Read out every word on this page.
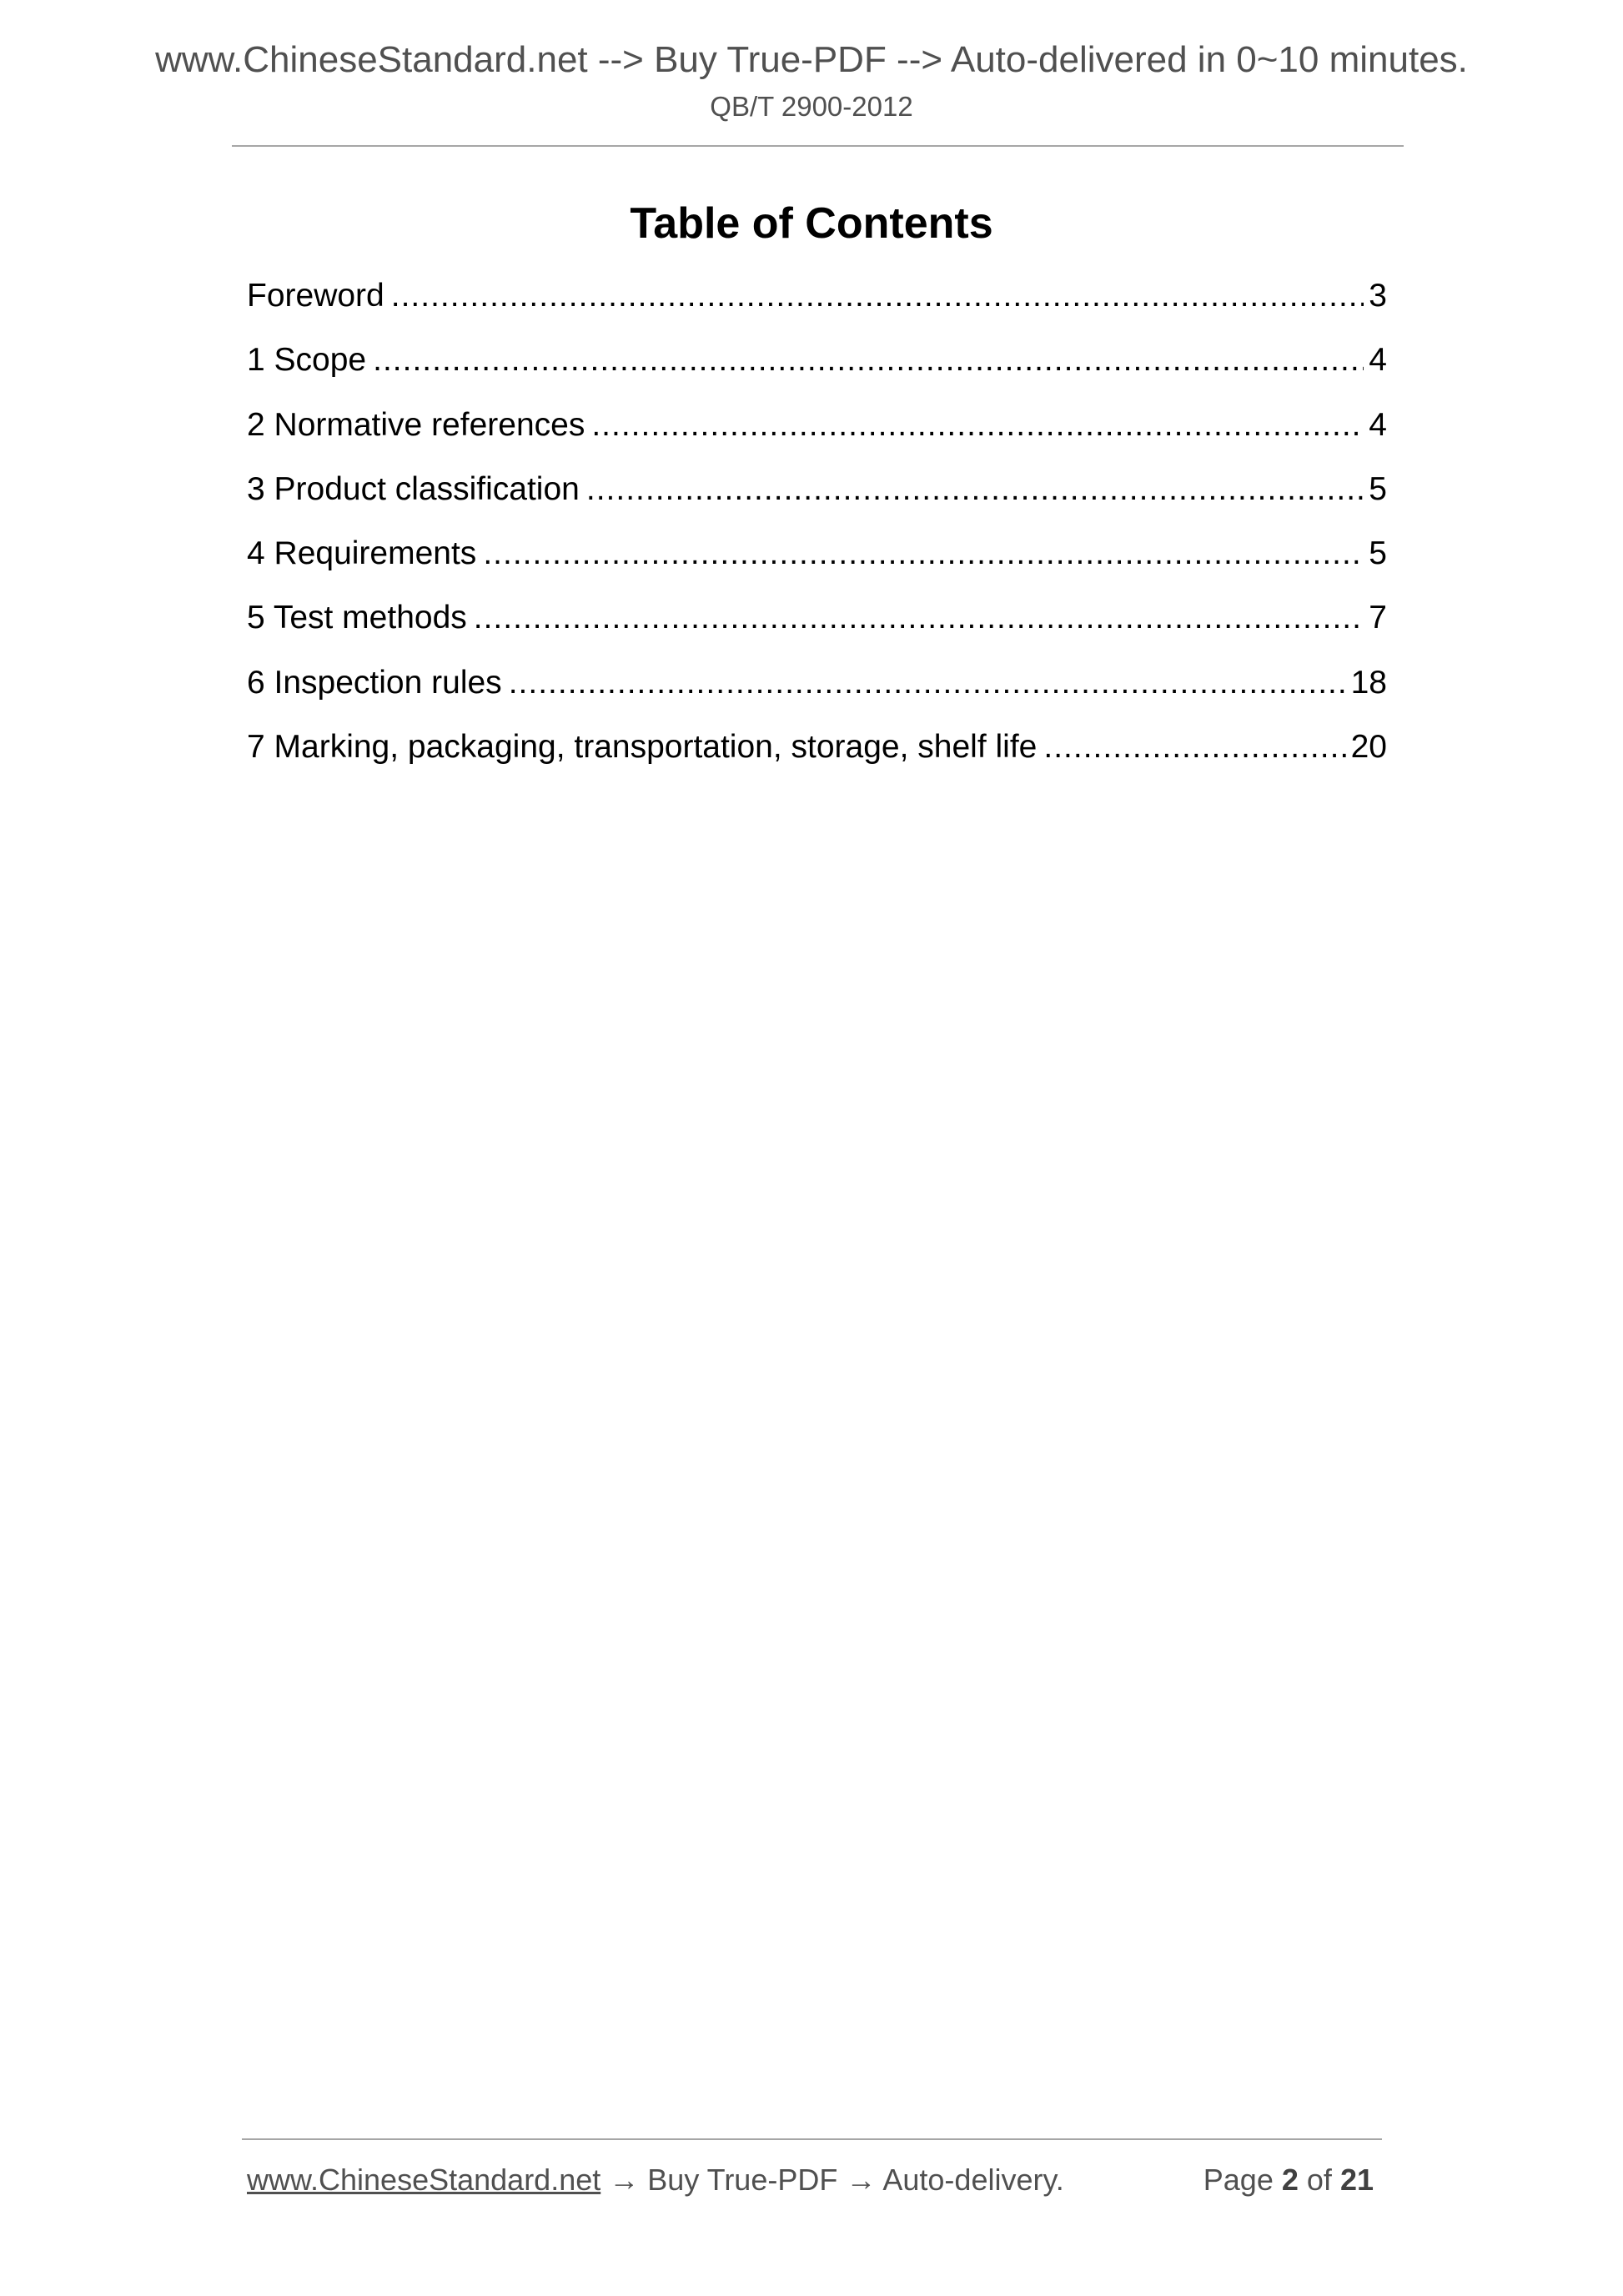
www.ChineseStandard.net --> Buy True-PDF --> Auto-delivered in 0~10 minutes.
QB/T 2900-2012
Table of Contents
Foreword .....	3
1 Scope .....	4
2 Normative references .....	4
3 Product classification .....	5
4 Requirements .....	5
5 Test methods .....	7
6 Inspection rules .....	18
7 Marking, packaging, transportation, storage, shelf life .....	20
www.ChineseStandard.net → Buy True-PDF → Auto-delivery.	Page 2 of 21
